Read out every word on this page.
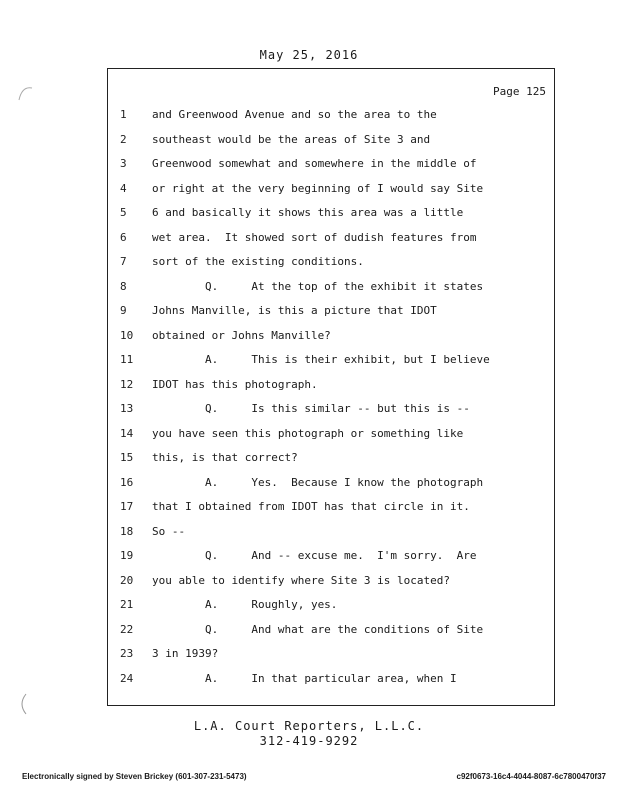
May 25, 2016
Page 125
1	and Greenwood Avenue and so the area to the
2	southeast would be the areas of Site 3 and
3	Greenwood somewhat and somewhere in the middle of
4	or right at the very beginning of I would say Site
5	6 and basically it shows this area was a little
6	wet area.  It showed sort of dudish features from
7	sort of the existing conditions.
8	Q.     At the top of the exhibit it states
9	Johns Manville, is this a picture that IDOT
10	obtained or Johns Manville?
11	A.     This is their exhibit, but I believe
12	IDOT has this photograph.
13	Q.     Is this similar -- but this is --
14	you have seen this photograph or something like
15	this, is that correct?
16	A.     Yes.  Because I know the photograph
17	that I obtained from IDOT has that circle in it.
18	So --
19	Q.     And -- excuse me.  I'm sorry.  Are
20	you able to identify where Site 3 is located?
21	A.     Roughly, yes.
22	Q.     And what are the conditions of Site
23	3 in 1939?
24	A.     In that particular area, when I
L.A. Court Reporters, L.L.C.
312-419-9292
Electronically signed by Steven Brickey (601-307-231-5473)	c92f0673-16c4-4044-8087-6c7800470f37
